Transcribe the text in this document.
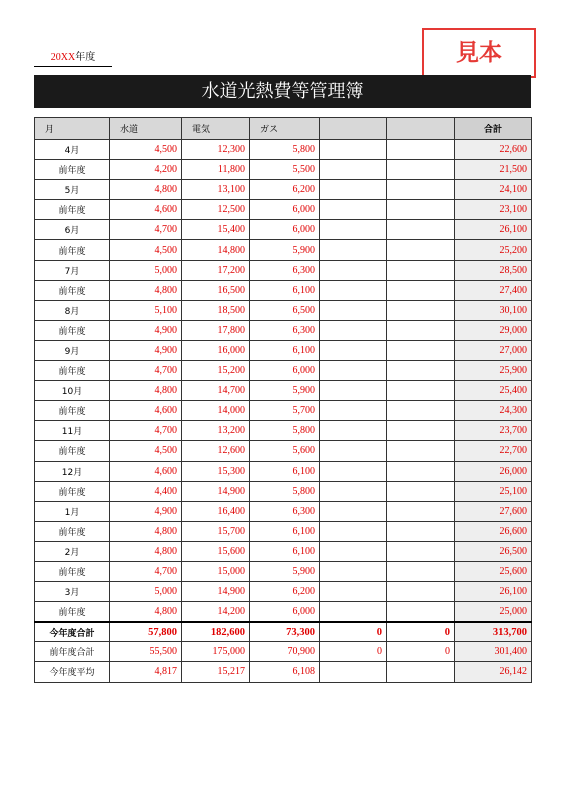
20XX年度	見本
水道光熱費等管理簿
月	水道	電気	ガス			合計
4月	4,500	12,300	5,800			22,600
前年度	4,200	11,800	5,500			21,500
5月	4,800	13,100	6,200			24,100
前年度	4,600	12,500	6,000			23,100
6月	4,700	15,400	6,000			26,100
前年度	4,500	14,800	5,900			25,200
7月	5,000	17,200	6,300			28,500
前年度	4,800	16,500	6,100			27,400
8月	5,100	18,500	6,500			30,100
前年度	4,900	17,800	6,300			29,000
9月	4,900	16,000	6,100			27,000
前年度	4,700	15,200	6,000			25,900
10月	4,800	14,700	5,900			25,400
前年度	4,600	14,000	5,700			24,300
11月	4,700	13,200	5,800			23,700
前年度	4,500	12,600	5,600			22,700
12月	4,600	15,300	6,100			26,000
前年度	4,400	14,900	5,800			25,100
1月	4,900	16,400	6,300			27,600
前年度	4,800	15,700	6,100			26,600
2月	4,800	15,600	6,100			26,500
前年度	4,700	15,000	5,900			25,600
3月	5,000	14,900	6,200			26,100
前年度	4,800	14,200	6,000			25,000
今年度合計	57,800	182,600	73,300	0	0	313,700
前年度合計	55,500	175,000	70,900	0	0	301,400
今年度平均	4,817	15,217	6,108			26,142
